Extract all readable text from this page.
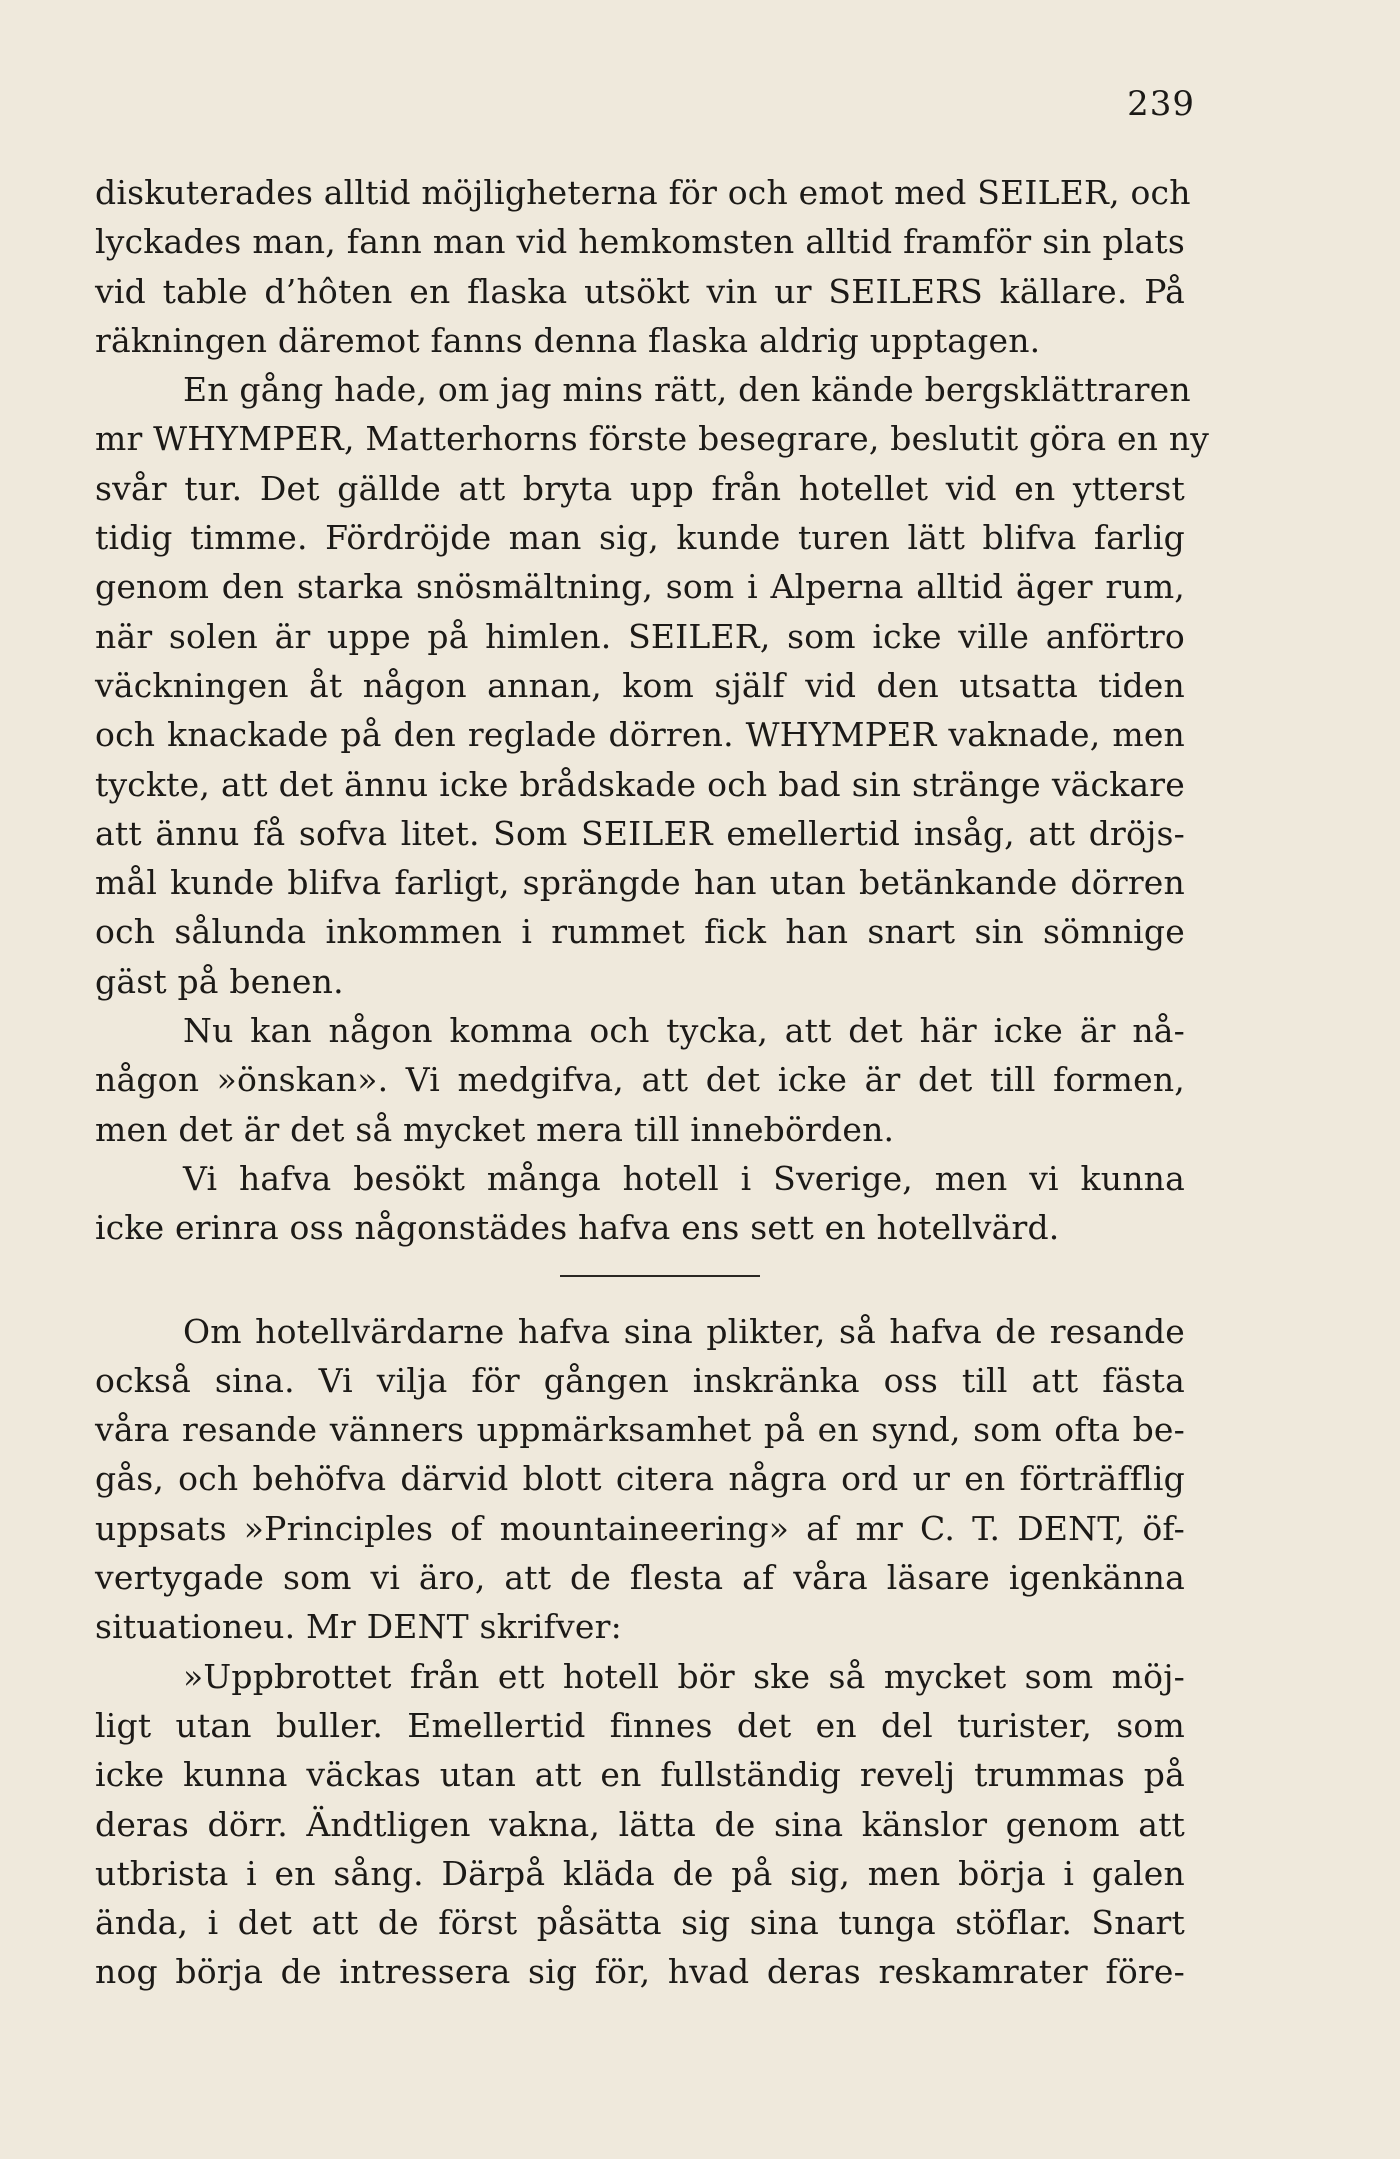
239
diskuterades alltid möjligheterna för och emot med SEILER, och
lyckades man, fann man vid hemkomsten alltid framför sin plats
vid table d’hôten en flaska utsökt vin ur SEILERS källare. På
räkningen däremot fanns denna flaska aldrig upptagen.
En gång hade, om jag mins rätt, den kände bergsklättraren
mr WHYMPER, Matterhorns förste besegrare, beslutit göra en ny
svår tur. Det gällde att bryta upp från hotellet vid en ytterst
tidig timme. Fördröjde man sig, kunde turen lätt blifva farlig
genom den starka snösmältning, som i Alperna alltid äger rum,
när solen är uppe på himlen. SEILER, som icke ville anförtro
väckningen åt någon annan, kom själf vid den utsatta tiden
och knackade på den reglade dörren. WHYMPER vaknade, men
tyckte, att det ännu icke brådskade och bad sin stränge väckare
att ännu få sofva litet. Som SEILER emellertid insåg, att dröjs-
mål kunde blifva farligt, sprängde han utan betänkande dörren
och sålunda inkommen i rummet fick han snart sin sömnige
gäst på benen.
Nu kan någon komma och tycka, att det här icke är nå-
någon »önskan». Vi medgifva, att det icke är det till formen,
men det är det så mycket mera till innebörden.
Vi hafva besökt många hotell i Sverige, men vi kunna
icke erinra oss någonstädes hafva ens sett en hotellvärd.
Om hotellvärdarne hafva sina plikter, så hafva de resande
också sina. Vi vilja för gången inskränka oss till att fästa
våra resande vänners uppmärksamhet på en synd, som ofta be-
gås, och behöfva därvid blott citera några ord ur en förträfflig
uppsats »Principles of mountaineering» af mr C. T. DENT, öf-
vertygade som vi äro, att de flesta af våra läsare igenkänna
situationeu. Mr DENT skrifver:
»Uppbrottet från ett hotell bör ske så mycket som möj-
ligt utan buller. Emellertid finnes det en del turister, som
icke kunna väckas utan att en fullständig revelj trummas på
deras dörr. Ändtligen vakna, lätta de sina känslor genom att
utbrista i en sång. Därpå kläda de på sig, men börja i galen
ända, i det att de först påsätta sig sina tunga stöflar. Snart
nog börja de intressera sig för, hvad deras reskamrater före-
